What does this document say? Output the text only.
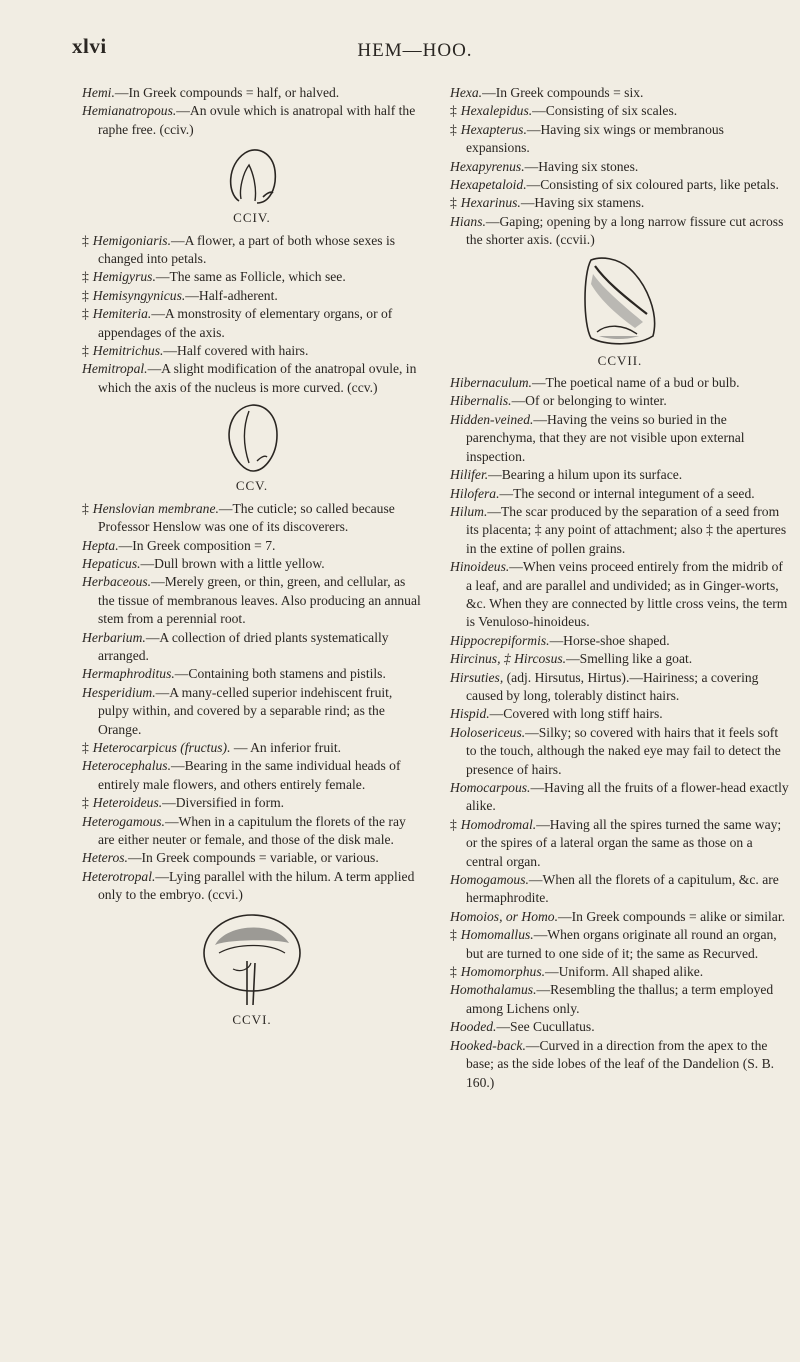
xlvi	HEM—HOO.

Hemi.—In Greek compounds = half, or halved.

Hemianatropous.—An ovule which is anatropal with half the raphe free. (cciv.)

CCIV.

‡ Hemigoniaris.—A flower, a part of both whose sexes is changed into petals.

‡ Hemigyrus.—The same as Follicle, which see.

‡ Hemisyngynicus.—Half-adherent.

‡ Hemiteria.—A monstrosity of elementary organs, or of appendages of the axis.

‡ Hemitrichus.—Half covered with hairs.

Hemitropal.—A slight modification of the anatropal ovule, in which the axis of the nucleus is more curved. (ccv.)

CCV.

‡ Henslovian membrane.—The cuticle; so called because Professor Henslow was one of its discoverers.

Hepta.—In Greek composition = 7.

Hepaticus.—Dull brown with a little yellow.

Herbaceous.—Merely green, or thin, green, and cellular, as the tissue of membranous leaves. Also producing an annual stem from a perennial root.

Herbarium.—A collection of dried plants systematically arranged.

Hermaphroditus.—Containing both stamens and pistils.

Hesperidium.—A many-celled superior indehiscent fruit, pulpy within, and covered by a separable rind; as the Orange.

‡ Heterocarpicus (fructus). — An inferior fruit.

Heterocephalus.—Bearing in the same individual heads of entirely male flowers, and others entirely female.

‡ Heteroideus.—Diversified in form.

Heterogamous.—When in a capitulum the florets of the ray are either neuter or female, and those of the disk male.

Heteros.—In Greek compounds = variable, or various.

Heterotropal.—Lying parallel with the hilum. A term applied only to the embryo. (ccvi.)

CCVI.

Hexa.—In Greek compounds = six.

‡ Hexalepidus.—Consisting of six scales.

‡ Hexapterus.—Having six wings or membranous expansions.

Hexapyrenus.—Having six stones.

Hexapetaloid.—Consisting of six coloured parts, like petals.

‡ Hexarinus.—Having six stamens.

Hians.—Gaping; opening by a long narrow fissure cut across the shorter axis. (ccvii.)

CCVII.

Hibernaculum.—The poetical name of a bud or bulb.

Hibernalis.—Of or belonging to winter.

Hidden-veined.—Having the veins so buried in the parenchyma, that they are not visible upon external inspection.

Hilifer.—Bearing a hilum upon its surface.

Hilofera.—The second or internal integument of a seed.

Hilum.—The scar produced by the separation of a seed from its placenta; ‡ any point of attachment; also ‡ the apertures in the extine of pollen grains.

Hinoideus.—When veins proceed entirely from the midrib of a leaf, and are parallel and undivided; as in Ginger-worts, &c. When they are connected by little cross veins, the term is Venuloso-hinoideus.

Hippocrepiformis.—Horse-shoe shaped.

Hircinus, ‡ Hircosus.—Smelling like a goat.

Hirsuties, (adj. Hirsutus, Hirtus).—Hairiness; a covering caused by long, tolerably distinct hairs.

Hispid.—Covered with long stiff hairs.

Holosericeus.—Silky; so covered with hairs that it feels soft to the touch, although the naked eye may fail to detect the presence of hairs.

Homocarpous.—Having all the fruits of a flower-head exactly alike.

‡ Homodromal.—Having all the spires turned the same way; or the spires of a lateral organ the same as those on a central organ.

Homogamous.—When all the florets of a capitulum, &c. are hermaphrodite.

Homoios, or Homo.—In Greek compounds = alike or similar.

‡ Homomallus.—When organs originate all round an organ, but are turned to one side of it; the same as Recurved.

‡ Homomorphus.—Uniform. All shaped alike.

Homothalamus.—Resembling the thallus; a term employed among Lichens only.

Hooded.—See Cucullatus.

Hooked-back.—Curved in a direction from the apex to the base; as the side lobes of the leaf of the Dandelion (S. B. 160.)
